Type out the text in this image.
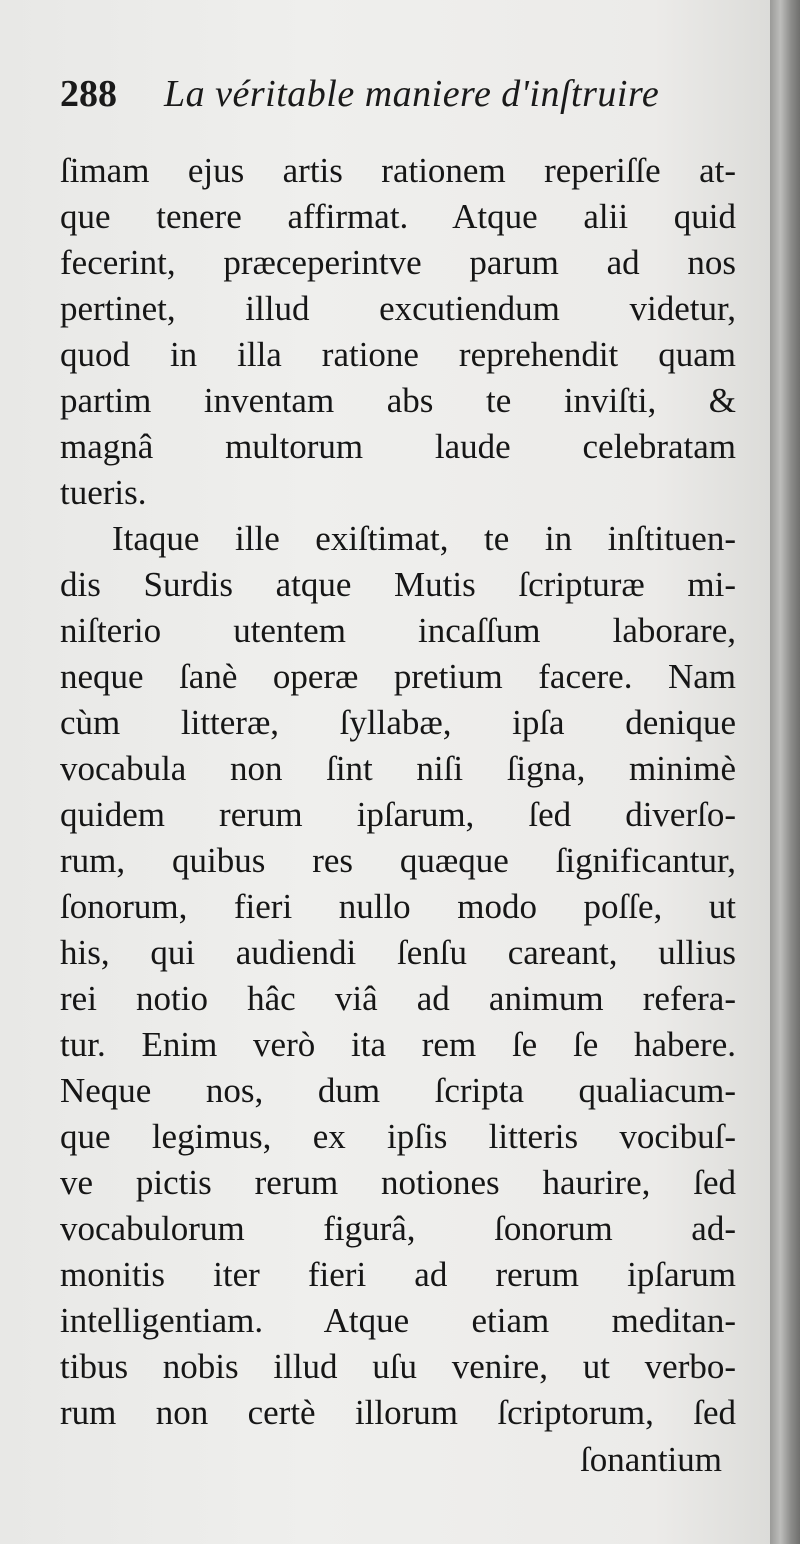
288 La véritable maniere d'inſtruire
ſimam ejus artis rationem reperiſſe at-
que tenere affirmat. Atque alii quid
fecerint, præceperintve parum ad nos
pertinet, illud excutiendum videtur,
quod in illa ratione reprehendit quam
partim inventam abs te inviſti, &
magnâ multorum laude celebratam
tueris.
Itaque ille exiſtimat, te in inſtituen-
dis Surdis atque Mutis ſcripturæ mi-
niſterio utentem incaſſum laborare,
neque ſanè operæ pretium facere. Nam
cùm litteræ, ſyllabæ, ipſa denique
vocabula non ſint niſi ſigna, minimè
quidem rerum ipſarum, ſed diverſo-
rum, quibus res quæque ſignificantur,
ſonorum, fieri nullo modo poſſe, ut
his, qui audiendi ſenſu careant, ullius
rei notio hâc viâ ad animum refera-
tur. Enim verò ita rem ſe ſe habere.
Neque nos, dum ſcripta qualiacum-
que legimus, ex ipſis litteris vocibuſ-
ve pictis rerum notiones haurire, ſed
vocabulorum figurâ, ſonorum ad-
monitis iter fieri ad rerum ipſarum
intelligentiam. Atque etiam meditan-
tibus nobis illud uſu venire, ut verbo-
rum non certè illorum ſcriptorum, ſed
ſonantium
